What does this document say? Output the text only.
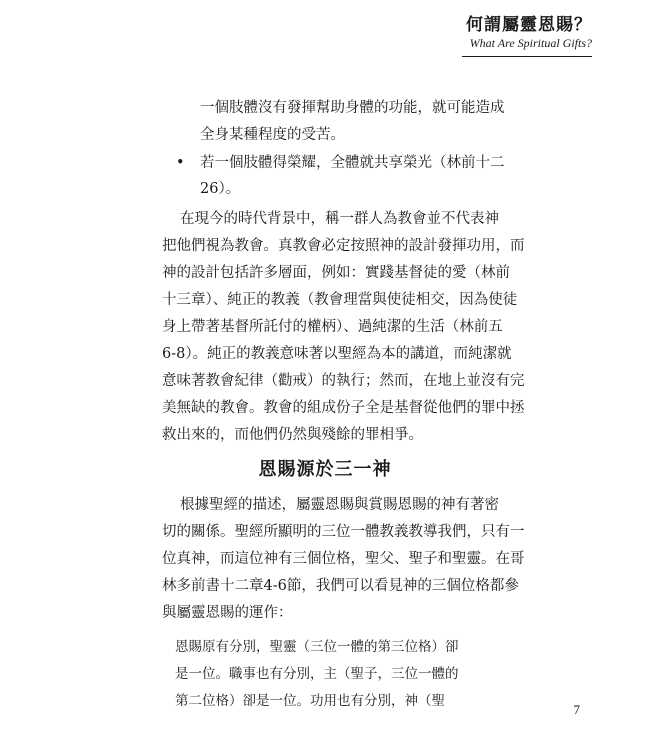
何謂屬靈恩賜？
What Are Spiritual Gifts?
一個肢體沒有發揮幫助身體的功能，就可能造成
全身某種程度的受苦。
• 若一個肢體得榮耀，全體就共享榮光（林前十二
26）。
在現今的時代背景中，稱一群人為教會並不代表神
把他們視為教會。真教會必定按照神的設計發揮功用，而
神的設計包括許多層面，例如：實踐基督徒的愛（林前
十三章）、純正的教義（教會理當與使徒相交，因為使徒
身上帶著基督所託付的權柄）、過純潔的生活（林前五
6-8）。純正的教義意味著以聖經為本的講道，而純潔就
意味著教會紀律（勸戒）的執行；然而，在地上並沒有完
美無缺的教會。教會的組成份子全是基督從他們的罪中拯
救出來的，而他們仍然與殘餘的罪相爭。
恩賜源於三一神
根據聖經的描述，屬靈恩賜與賞賜恩賜的神有著密
切的關係。聖經所顯明的三位一體教義教導我們，只有一
位真神，而這位神有三個位格，聖父、聖子和聖靈。在哥
林多前書十二章4-6節，我們可以看見神的三個位格都參
與屬靈恩賜的運作：
恩賜原有分別，聖靈（三位一體的第三位格）卻
是一位。職事也有分別，主（聖子，三位一體的
第二位格）卻是一位。功用也有分別，神（聖
7
